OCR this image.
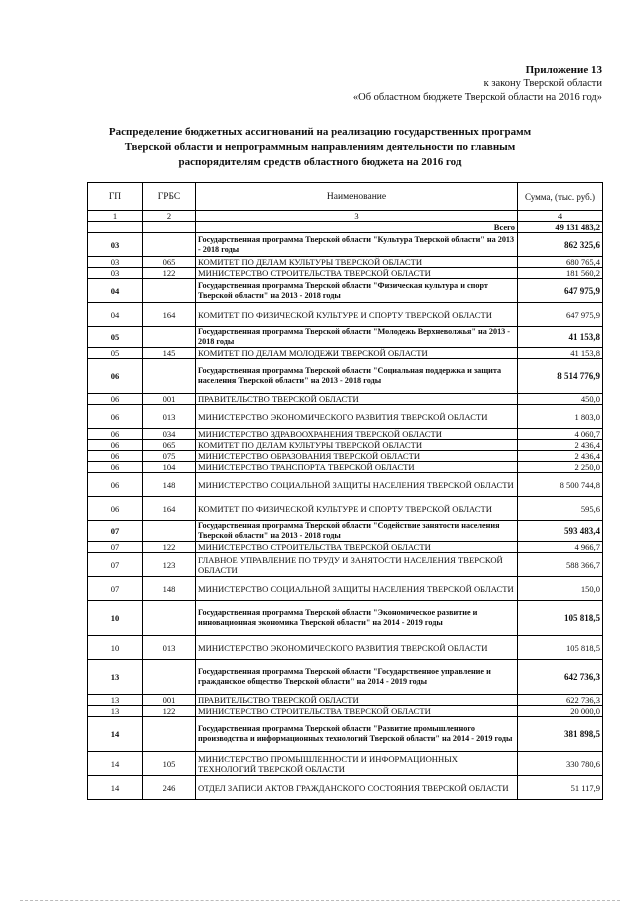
Приложение 13
к закону Тверской области
«Об областном бюджете Тверской области на 2016 год»
Распределение бюджетных ассигнований на реализацию государственных программ Тверской области и непрограммным направлениям деятельности по главным распорядителям средств областного бюджета на 2016 год
ГП	ГРБС	Наименование	Сумма, (тыс. руб.)
1	2	3	4
		Всего	49 131 483,2
03		Государственная программа Тверской области "Культура Тверской области" на 2013 - 2018 годы	862 325,6
03	065	КОМИТЕТ ПО ДЕЛАМ КУЛЬТУРЫ ТВЕРСКОЙ ОБЛАСТИ	680 765,4
03	122	МИНИСТЕРСТВО СТРОИТЕЛЬСТВА ТВЕРСКОЙ ОБЛАСТИ	181 560,2
04		Государственная программа Тверской области "Физическая культура и спорт Тверской области" на 2013 - 2018 годы	647 975,9
04	164	КОМИТЕТ ПО ФИЗИЧЕСКОЙ КУЛЬТУРЕ И СПОРТУ ТВЕРСКОЙ ОБЛАСТИ	647 975,9
05		Государственная программа Тверской области "Молодежь Верхневолжья" на 2013 - 2018 годы	41 153,8
05	145	КОМИТЕТ ПО ДЕЛАМ МОЛОДЕЖИ ТВЕРСКОЙ ОБЛАСТИ	41 153,8
06		Государственная программа Тверской области "Социальная поддержка и защита населения Тверской области" на 2013 - 2018 годы	8 514 776,9
06	001	ПРАВИТЕЛЬСТВО ТВЕРСКОЙ ОБЛАСТИ	450,0
06	013	МИНИСТЕРСТВО ЭКОНОМИЧЕСКОГО РАЗВИТИЯ ТВЕРСКОЙ ОБЛАСТИ	1 803,0
06	034	МИНИСТЕРСТВО ЗДРАВООХРАНЕНИЯ ТВЕРСКОЙ ОБЛАСТИ	4 060,7
06	065	КОМИТЕТ ПО ДЕЛАМ КУЛЬТУРЫ ТВЕРСКОЙ ОБЛАСТИ	2 436,4
06	075	МИНИСТЕРСТВО ОБРАЗОВАНИЯ ТВЕРСКОЙ ОБЛАСТИ	2 436,4
06	104	МИНИСТЕРСТВО ТРАНСПОРТА ТВЕРСКОЙ ОБЛАСТИ	2 250,0
06	148	МИНИСТЕРСТВО СОЦИАЛЬНОЙ ЗАЩИТЫ НАСЕЛЕНИЯ ТВЕРСКОЙ ОБЛАСТИ	8 500 744,8
06	164	КОМИТЕТ ПО ФИЗИЧЕСКОЙ КУЛЬТУРЕ И СПОРТУ ТВЕРСКОЙ ОБЛАСТИ	595,6
07		Государственная программа Тверской области "Содействие занятости населения Тверской области" на 2013 - 2018 годы	593 483,4
07	122	МИНИСТЕРСТВО СТРОИТЕЛЬСТВА ТВЕРСКОЙ ОБЛАСТИ	4 966,7
07	123	ГЛАВНОЕ УПРАВЛЕНИЕ ПО ТРУДУ И ЗАНЯТОСТИ НАСЕЛЕНИЯ ТВЕРСКОЙ ОБЛАСТИ	588 366,7
07	148	МИНИСТЕРСТВО СОЦИАЛЬНОЙ ЗАЩИТЫ НАСЕЛЕНИЯ ТВЕРСКОЙ ОБЛАСТИ	150,0
10		Государственная программа Тверской области "Экономическое развитие и инновационная экономика Тверской области" на 2014 - 2019 годы	105 818,5
10	013	МИНИСТЕРСТВО ЭКОНОМИЧЕСКОГО РАЗВИТИЯ ТВЕРСКОЙ ОБЛАСТИ	105 818,5
13		Государственная программа Тверской области "Государственное управление и гражданское общество Тверской области" на 2014 - 2019 годы	642 736,3
13	001	ПРАВИТЕЛЬСТВО ТВЕРСКОЙ ОБЛАСТИ	622 736,3
13	122	МИНИСТЕРСТВО СТРОИТЕЛЬСТВА ТВЕРСКОЙ ОБЛАСТИ	20 000,0
14		Государственная программа Тверской области "Развитие промышленного производства и информационных технологий Тверской области" на 2014 - 2019 годы	381 898,5
14	105	МИНИСТЕРСТВО ПРОМЫШЛЕННОСТИ И ИНФОРМАЦИОННЫХ ТЕХНОЛОГИЙ ТВЕРСКОЙ ОБЛАСТИ	330 780,6
14	246	ОТДЕЛ ЗАПИСИ АКТОВ ГРАЖДАНСКОГО СОСТОЯНИЯ ТВЕРСКОЙ ОБЛАСТИ	51 117,9
